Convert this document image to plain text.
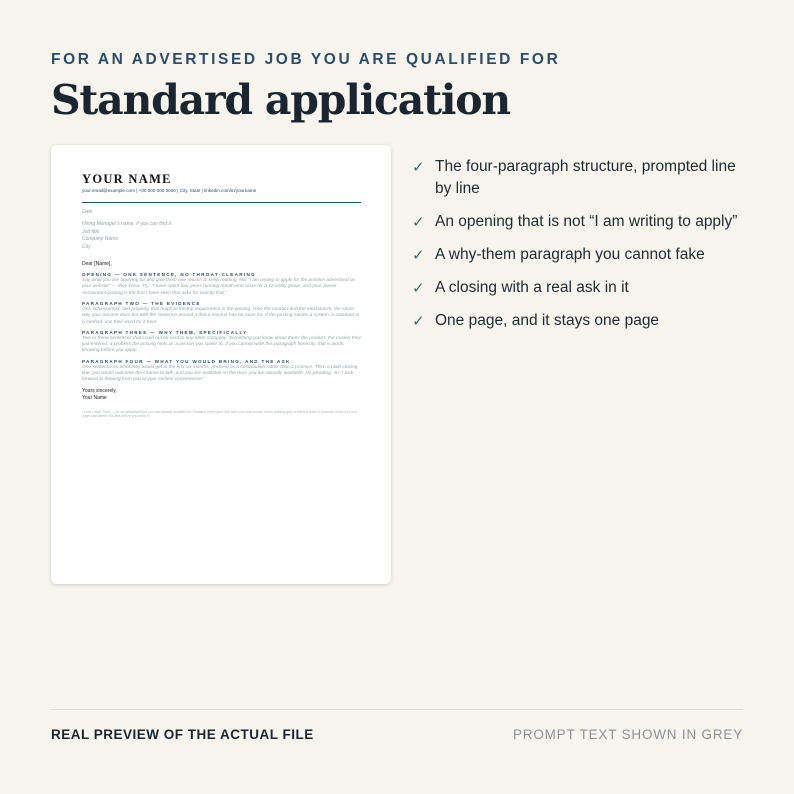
FOR AN ADVERTISED JOB YOU ARE QUALIFIED FOR
Standard application
YOUR NAME
your.email@example.com | +00 000 000 0000 | City, State | linkedin.com/in/yourname
Date
Hiring Manager's name, if you can find it
Job title
Company Name
City
Dear [Name],
OPENING — ONE SENTENCE, NO THROAT-CLEARING
Say what you are applying for and give them one reason to keep reading. Not "I am writing to apply for the position advertised on your website" — they know. Try: "I have spent four years running month-end close for a 12-entity group, and your Senior Accountant posting is the first I have seen that asks for exactly that."
PARAGRAPH TWO — THE EVIDENCE
One achievement, told properly, that maps to the top requirement in the posting. Give the number and the mechanism, the same way your resume does but with the sentence around it that a resume has no room for. If the posting names a system, a standard or a method, use their word for it here.
PARAGRAPH THREE — WHY THEM, SPECIFICALLY
Two or three sentences that could not be sent to any other company. Something you know about them: the product, the market they just entered, a problem the posting hints at, a person you spoke to. If you cannot write this paragraph honestly, that is worth knowing before you apply.
PARAGRAPH FOUR — WHAT YOU WOULD BRING, AND THE ASK
One sentence on what they would get in the first six months, phrased as a contribution rather than a promise. Then a plain closing line: you would welcome the chance to talk, and you are available on the days you are actually available. No pleading, no "I look forward to hearing from you at your earliest convenience".
Yours sincerely,
Your Name
Cover Letter Pack — for an advertised job you are already qualified for. Replace every grey line with your own words; when nothing grey is left the letter is finished. Keep it to one page and delete this line before you send it.
✓ The four-paragraph structure, prompted line by line
✓ An opening that is not “I am writing to apply”
✓ A why-them paragraph you cannot fake
✓ A closing with a real ask in it
✓ One page, and it stays one page
REAL PREVIEW OF THE ACTUAL FILE	PROMPT TEXT SHOWN IN GREY
